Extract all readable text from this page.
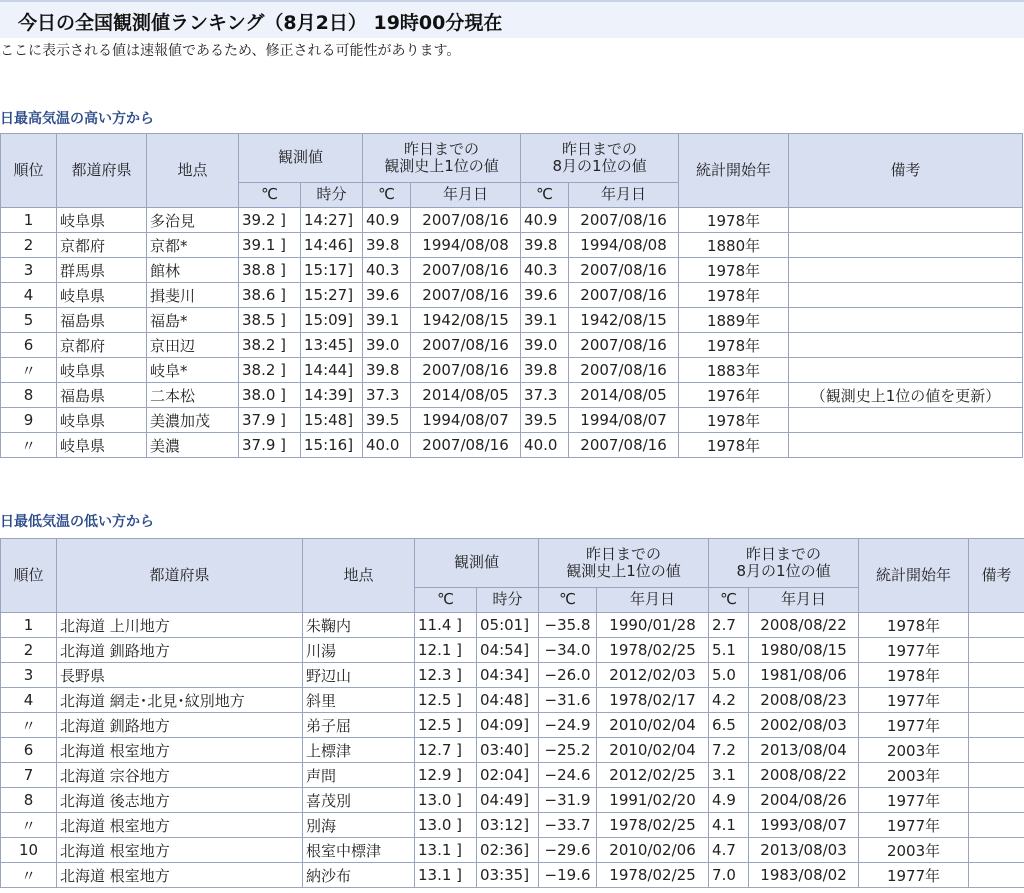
今日の全国観測値ランキング（8月2日） 19時00分現在
ここに表示される値は速報値であるため、修正される可能性があります。
日最高気温の高い方から
順位	都道府県	地点	観測値		昨日までの
観測史上1位の値		昨日までの
8月の1位の値		統計開始年	備考
			℃	時分	℃	年月日	℃	年月日		
1	岐阜県	多治見	39.2 ]	14:27]	40.9	2007/08/16	40.9	2007/08/16	1978年	
2	京都府	京都*	39.1 ]	14:46]	39.8	1994/08/08	39.8	1994/08/08	1880年	
3	群馬県	館林	38.8 ]	15:17]	40.3	2007/08/16	40.3	2007/08/16	1978年	
4	岐阜県	揖斐川	38.6 ]	15:27]	39.6	2007/08/16	39.6	2007/08/16	1978年	
5	福島県	福島*	38.5 ]	15:09]	39.1	1942/08/15	39.1	1942/08/15	1889年	
6	京都府	京田辺	38.2 ]	13:45]	39.0	2007/08/16	39.0	2007/08/16	1978年	
〃	岐阜県	岐阜*	38.2 ]	14:44]	39.8	2007/08/16	39.8	2007/08/16	1883年	
8	福島県	二本松	38.0 ]	14:39]	37.3	2014/08/05	37.3	2014/08/05	1976年	（観測史上1位の値を更新）
9	岐阜県	美濃加茂	37.9 ]	15:48]	39.5	1994/08/07	39.5	1994/08/07	1978年	
〃	岐阜県	美濃	37.9 ]	15:16]	40.0	2007/08/16	40.0	2007/08/16	1978年	
日最低気温の低い方から
順位	都道府県	地点	観測値		昨日までの
観測史上1位の値		昨日までの
8月の1位の値		統計開始年	備考
			℃	時分	℃	年月日	℃	年月日		
1	北海道 上川地方	朱鞠内	11.4 ]	05:01]	−35.8	1990/01/28	2.7	2008/08/22	1978年	
2	北海道 釧路地方	川湯	12.1 ]	04:54]	−34.0	1978/02/25	5.1	1980/08/15	1977年	
3	長野県	野辺山	12.3 ]	04:34]	−26.0	2012/02/03	5.0	1981/08/06	1978年	
4	北海道 網走･北見･紋別地方	斜里	12.5 ]	04:48]	−31.6	1978/02/17	4.2	2008/08/23	1977年	
〃	北海道 釧路地方	弟子屈	12.5 ]	04:09]	−24.9	2010/02/04	6.5	2002/08/03	1977年	
6	北海道 根室地方	上標津	12.7 ]	03:40]	−25.2	2010/02/04	7.2	2013/08/04	2003年	
7	北海道 宗谷地方	声問	12.9 ]	02:04]	−24.6	2012/02/25	3.1	2008/08/22	2003年	
8	北海道 後志地方	喜茂別	13.0 ]	04:49]	−31.9	1991/02/20	4.9	2004/08/26	1977年	
〃	北海道 根室地方	別海	13.0 ]	03:12]	−33.7	1978/02/25	4.1	1993/08/07	1977年	
10	北海道 根室地方	根室中標津	13.1 ]	02:36]	−29.6	2010/02/06	4.7	2013/08/03	2003年	
〃	北海道 根室地方	納沙布	13.1 ]	03:35]	−19.6	1978/02/25	7.0	1983/08/02	1977年	
